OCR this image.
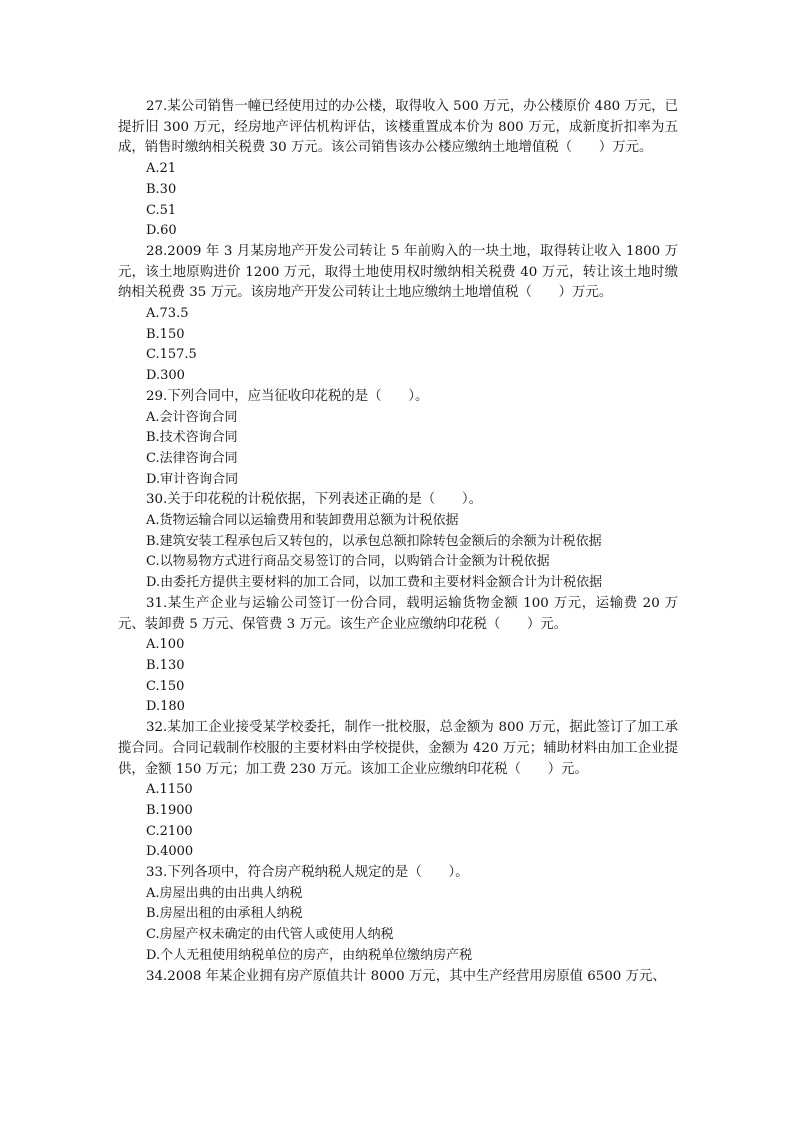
27.某公司销售一幢已经使用过的办公楼，取得收入 500 万元，办公楼原价 480 万元，已提折旧 300 万元，经房地产评估机构评估，该楼重置成本价为 800 万元，成新度折扣率为五成，销售时缴纳相关税费 30 万元。该公司销售该办公楼应缴纳土地增值税（　　）万元。

A.21
B.30
C.51
D.60

28.2009 年 3 月某房地产开发公司转让 5 年前购入的一块土地，取得转让收入 1800 万元，该土地原购进价 1200 万元，取得土地使用权时缴纳相关税费 40 万元，转让该土地时缴纳相关税费 35 万元。该房地产开发公司转让土地应缴纳土地增值税（　　）万元。

A.73.5
B.150
C.157.5
D.300

29.下列合同中，应当征收印花税的是（　　）。

A.会计咨询合同
B.技术咨询合同
C.法律咨询合同
D.审计咨询合同

30.关于印花税的计税依据，下列表述正确的是（　　）。

A.货物运输合同以运输费用和装卸费用总额为计税依据
B.建筑安装工程承包后又转包的，以承包总额扣除转包金额后的余额为计税依据
C.以物易物方式进行商品交易签订的合同，以购销合计金额为计税依据
D.由委托方提供主要材料的加工合同，以加工费和主要材料金额合计为计税依据

31.某生产企业与运输公司签订一份合同，载明运输货物金额 100 万元，运输费 20 万元、装卸费 5 万元、保管费 3 万元。该生产企业应缴纳印花税（　　）元。

A.100
B.130
C.150
D.180

32.某加工企业接受某学校委托，制作一批校服，总金额为 800 万元，据此签订了加工承揽合同。合同记载制作校服的主要材料由学校提供，金额为 420 万元；辅助材料由加工企业提供，金额 150 万元；加工费 230 万元。该加工企业应缴纳印花税（　　）元。

A.1150
B.1900
C.2100
D.4000

33.下列各项中，符合房产税纳税人规定的是（　　）。

A.房屋出典的由出典人纳税
B.房屋出租的由承租人纳税
C.房屋产权未确定的由代管人或使用人纳税
D.个人无租使用纳税单位的房产，由纳税单位缴纳房产税

34.2008 年某企业拥有房产原值共计 8000 万元，其中生产经营用房原值 6500 万元、
